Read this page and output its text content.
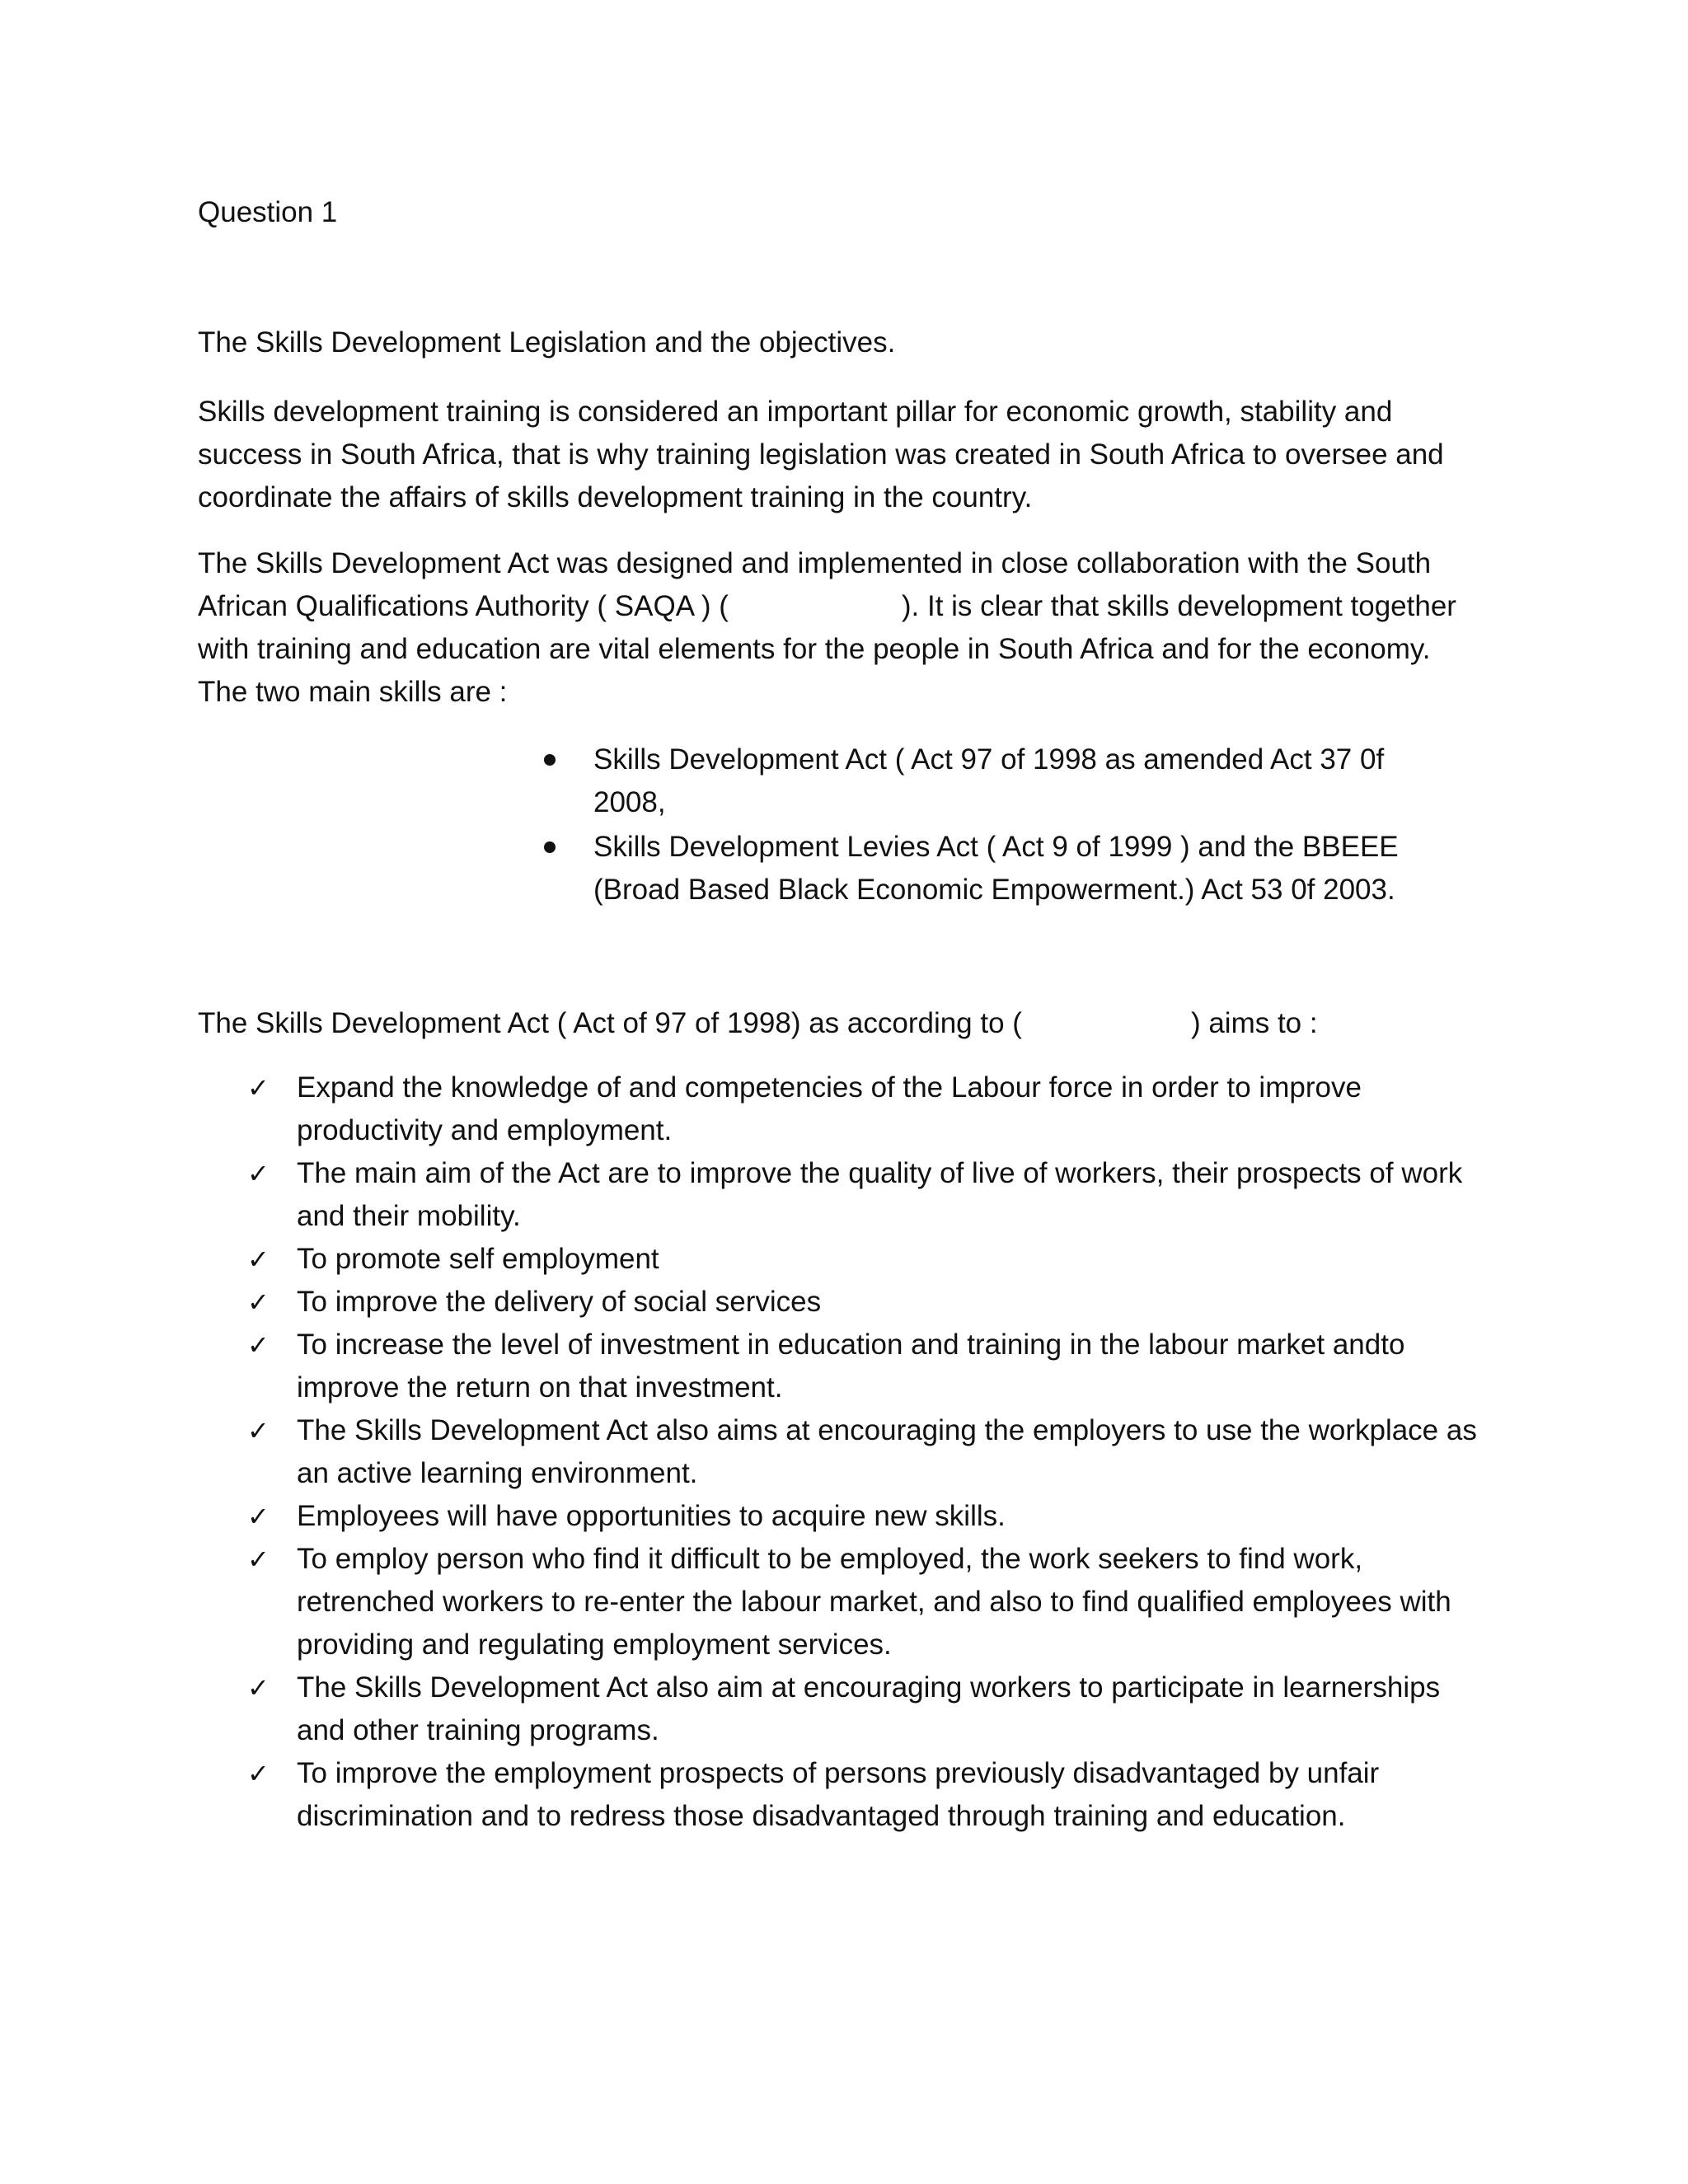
Question 1

The Skills Development Legislation and the objectives.

Skills development training is considered an important pillar for economic growth, stability and success in South Africa, that is why training legislation was created in South Africa to oversee and coordinate the affairs of skills development training in the country.

The Skills Development Act was designed and implemented in close collaboration with the South African Qualifications Authority ( SAQA ) (	). It is clear that skills development together with training and education are vital elements for the people in South Africa and for the economy. The two main skills are :

Skills Development Act ( Act 97 of 1998 as amended Act 37 0f 2008,
Skills Development Levies Act ( Act 9 of 1999 ) and the BBEEE (Broad Based Black Economic Empowerment.) Act 53 0f 2003.

The Skills Development Act ( Act of 97 of 1998) as according to (	) aims to :

✓ Expand the knowledge of and competencies of the Labour force in order to improve productivity and employment.
✓ The main aim of the Act are to improve the quality of live of workers, their prospects of work and their mobility.
✓ To promote self employment
✓ To improve the delivery of social services
✓ To increase the level of investment in education and training in the labour market andto improve the return on that investment.
✓ The Skills Development Act also aims at encouraging the employers to use the workplace as an active learning environment.
✓ Employees will have opportunities to acquire new skills.
✓ To employ person who find it difficult to be employed, the work seekers to find work, retrenched workers to re-enter the labour market, and also to find qualified employees with providing and regulating employment services.
✓ The Skills Development Act also aim at encouraging workers to participate in learnerships and other training programs.
✓ To improve the employment prospects of persons previously disadvantaged by unfair discrimination and to redress those disadvantaged through training and education.
